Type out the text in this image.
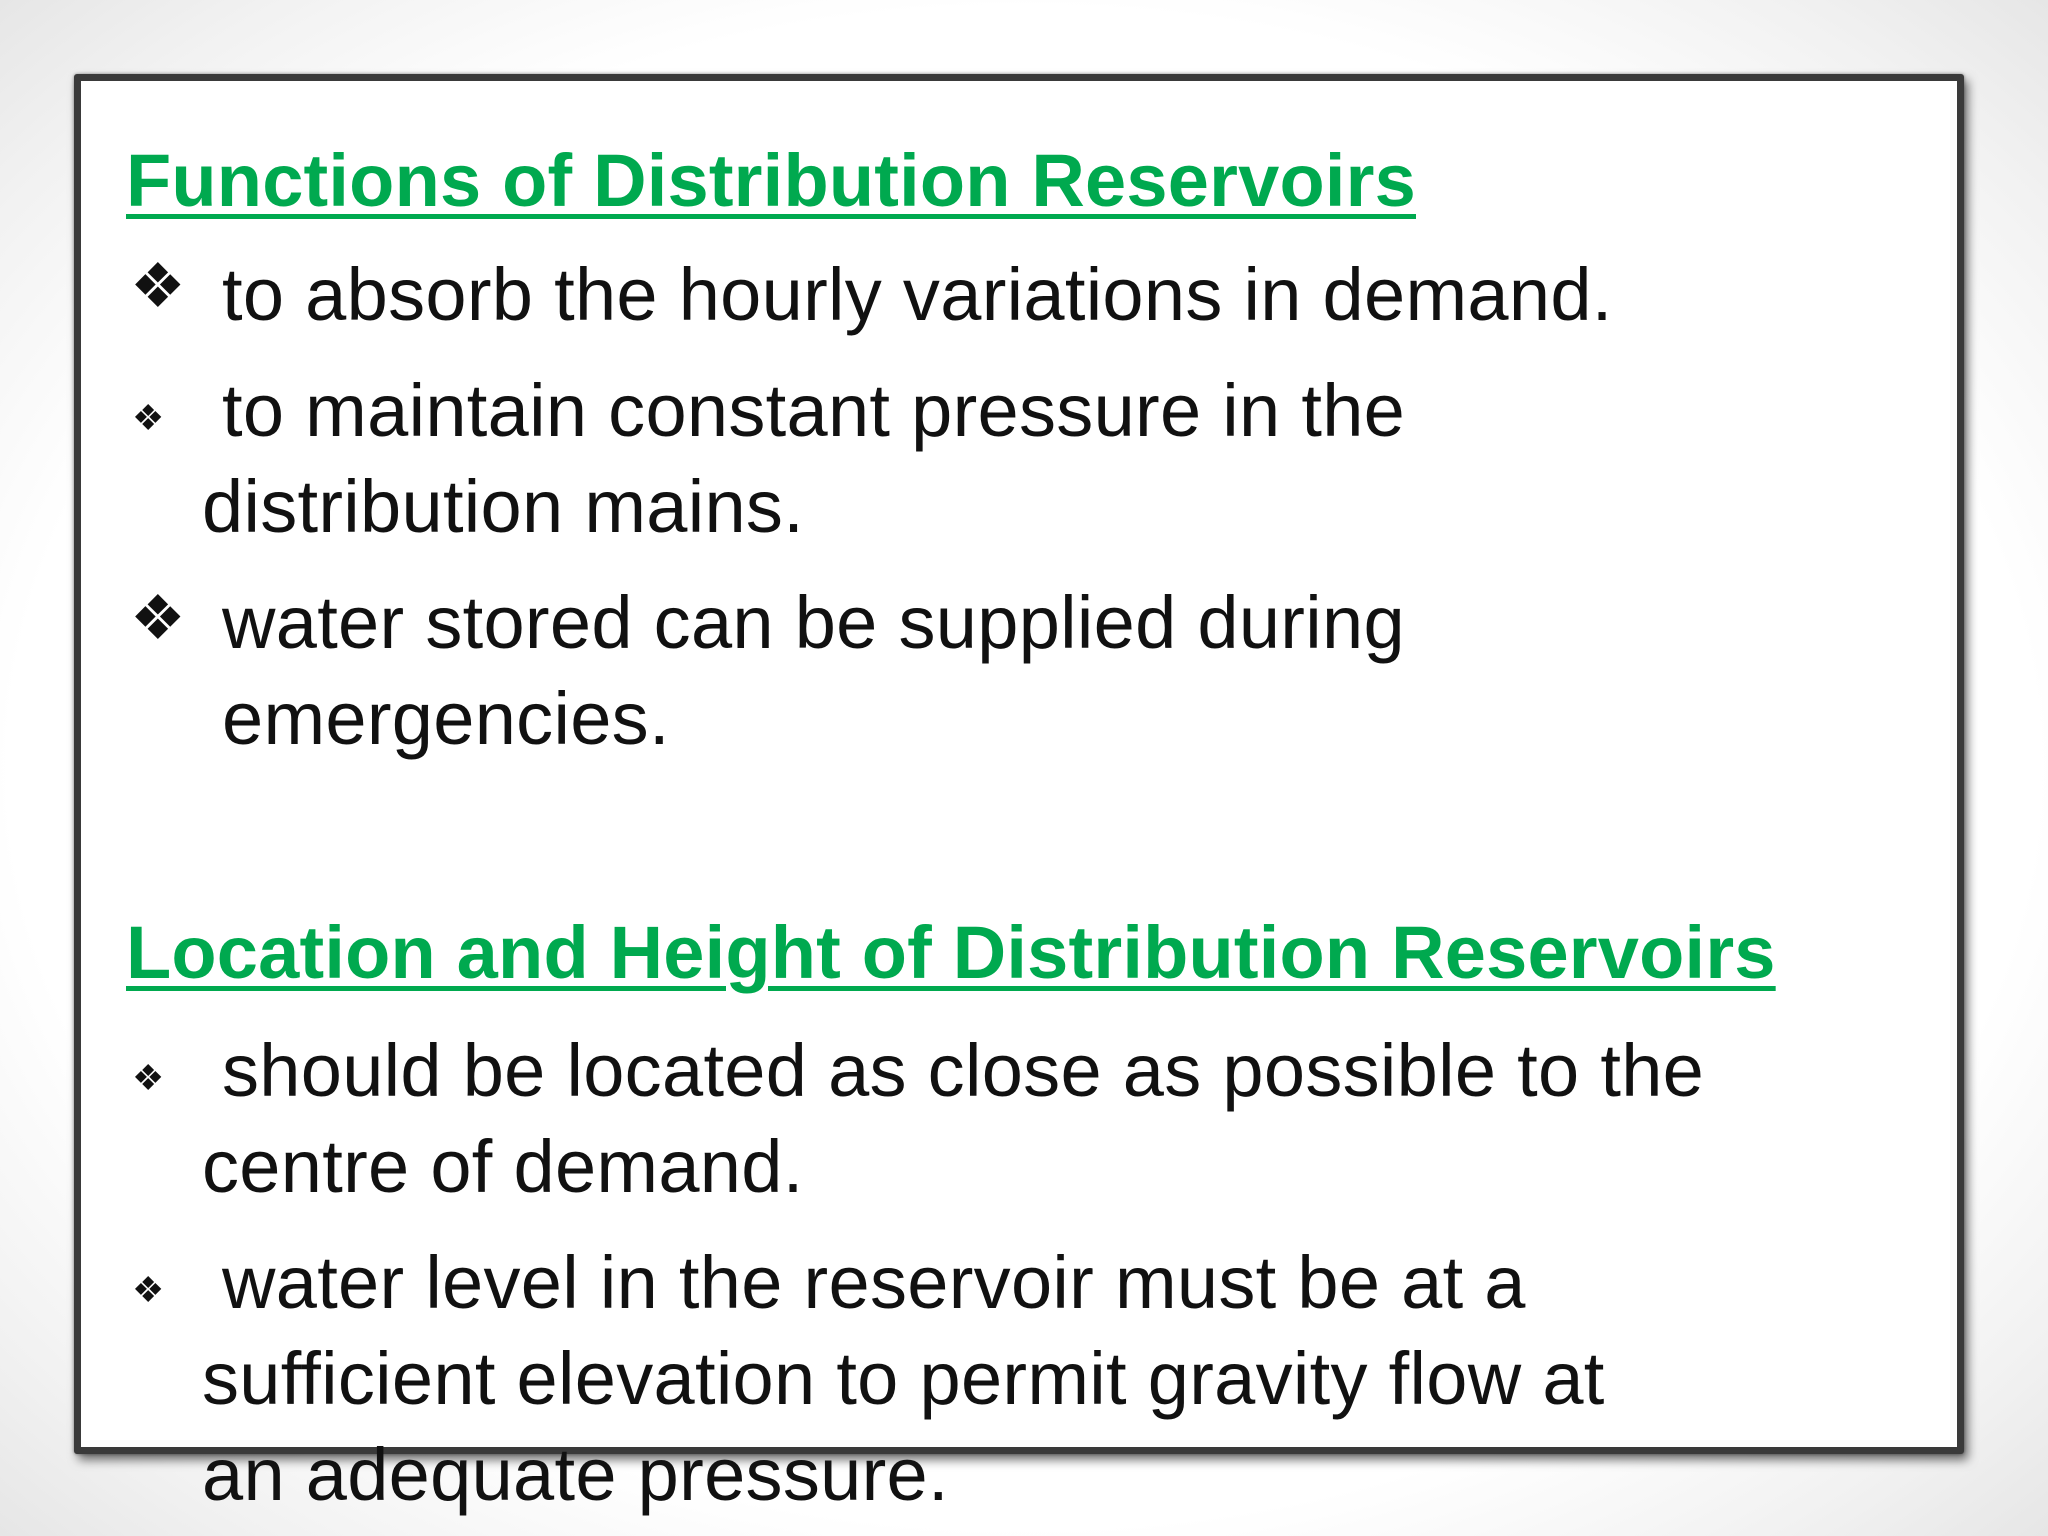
Functions of Distribution Reservoirs
❖ to absorb the hourly variations in demand.
❖ to maintain constant pressure in the
distribution mains.
❖ water stored can be supplied during
emergencies.
Location and Height of Distribution Reservoirs
❖ should be located as close as possible to the
centre of demand.
❖ water level in the reservoir must be at a
sufficient elevation to permit gravity flow at
an adequate pressure.
